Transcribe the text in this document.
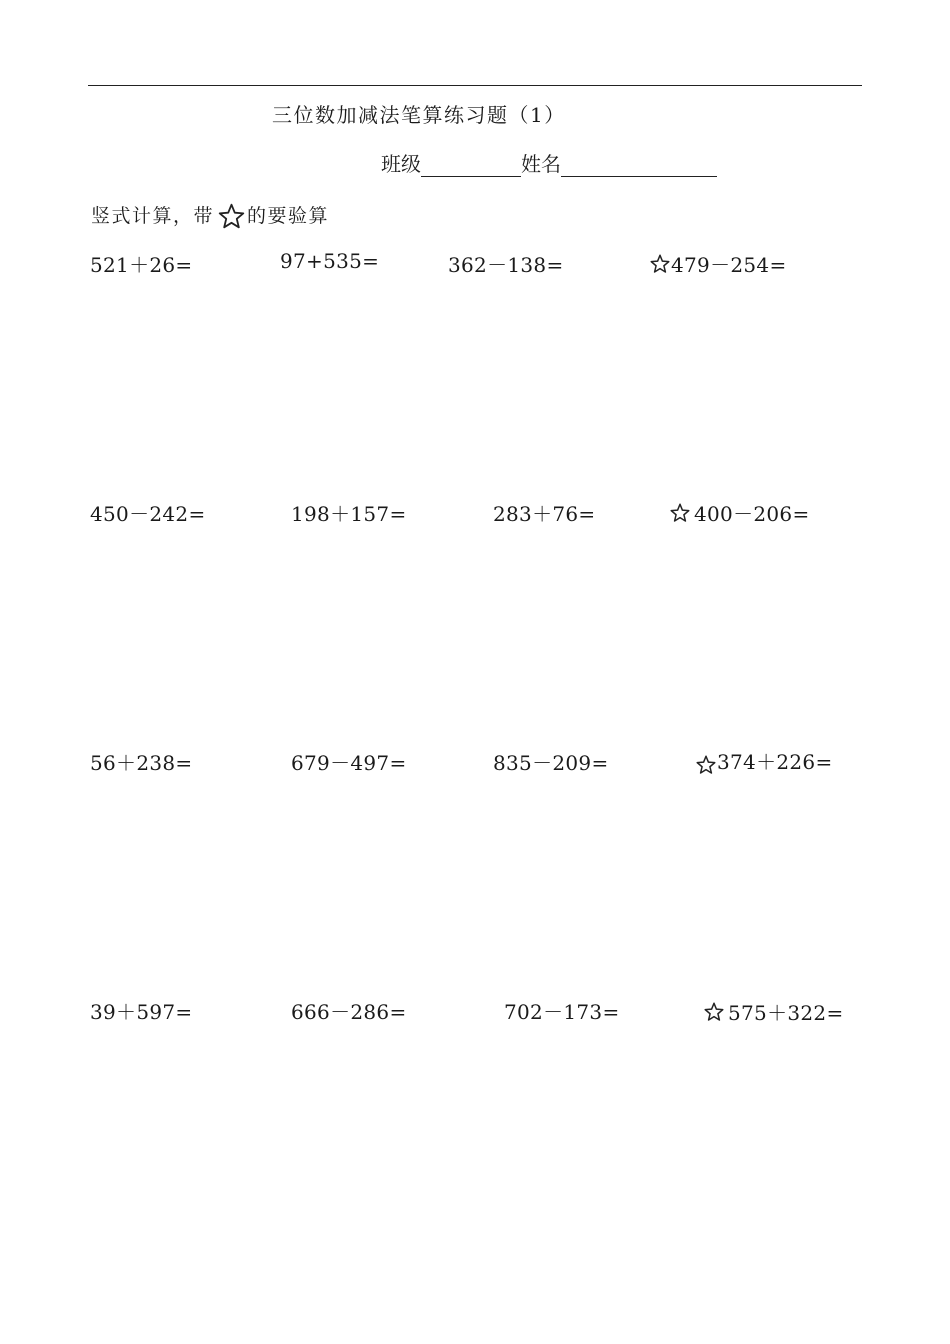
三位数加减法笔算练习题（1）
班级	姓名
竖式计算，带 的要验算
521＋26=	97+535=	362－138=	479－254=
450－242=	198＋157=	283＋76=	400－206=
56＋238=	679－497=	835－209=	374＋226=
39＋597=	666－286=	702－173=	575＋322=
